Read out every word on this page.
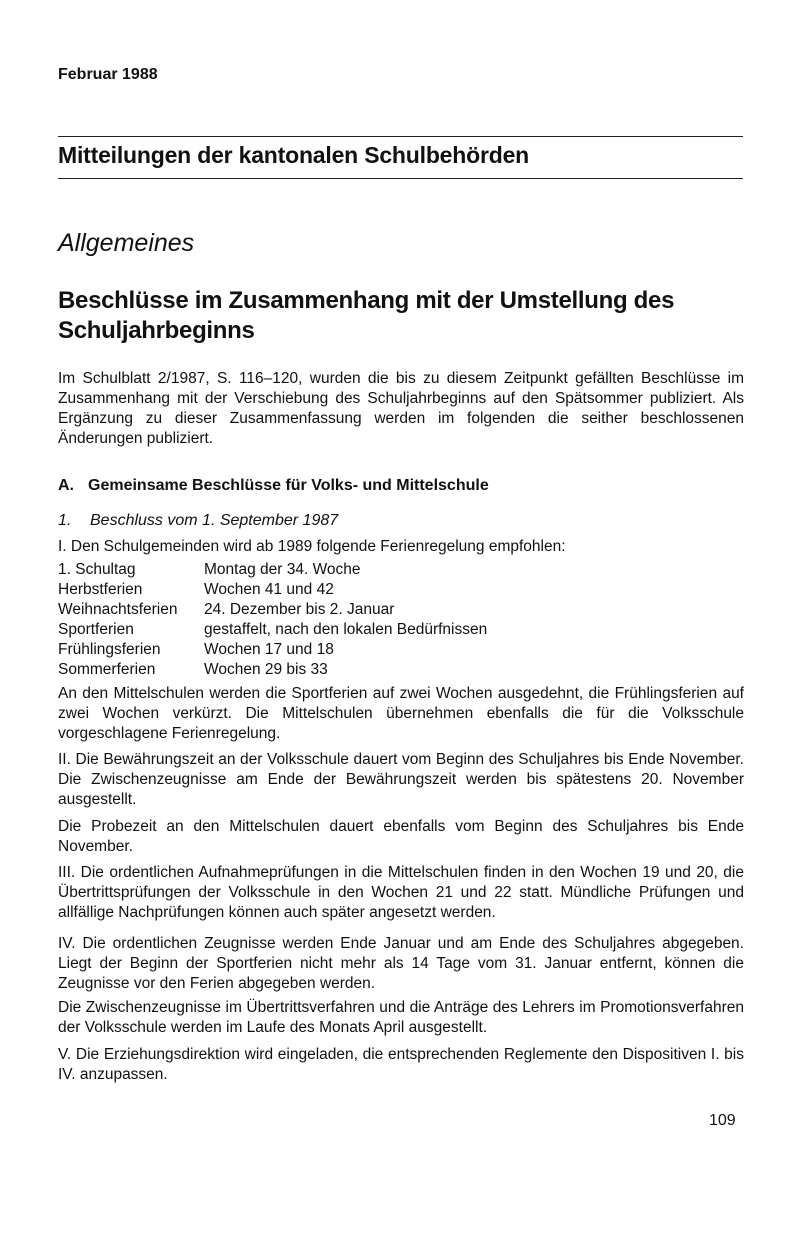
Februar 1988
Mitteilungen der kantonalen Schulbehörden
Allgemeines
Beschlüsse im Zusammenhang mit der Umstellung des Schuljahrbeginns
Im Schulblatt 2/1987, S. 116–120, wurden die bis zu diesem Zeitpunkt gefällten Beschlüsse im Zusammenhang mit der Verschiebung des Schuljahrbeginns auf den Spätsommer publiziert. Als Ergänzung zu dieser Zusammenfassung werden im folgenden die seither beschlossenen Änderungen publiziert.
A. Gemeinsame Beschlüsse für Volks- und Mittelschule
1. Beschluss vom 1. September 1987
I. Den Schulgemeinden wird ab 1989 folgende Ferienregelung empfohlen:
1. Schultag	Montag der 34. Woche
Herbstferien	Wochen 41 und 42
Weihnachtsferien	24. Dezember bis 2. Januar
Sportferien	gestaffelt, nach den lokalen Bedürfnissen
Frühlingsferien	Wochen 17 und 18
Sommerferien	Wochen 29 bis 33
An den Mittelschulen werden die Sportferien auf zwei Wochen ausgedehnt, die Frühlingsferien auf zwei Wochen verkürzt. Die Mittelschulen übernehmen ebenfalls die für die Volksschule vorgeschlagene Ferienregelung.
II. Die Bewährungszeit an der Volksschule dauert vom Beginn des Schuljahres bis Ende November. Die Zwischenzeugnisse am Ende der Bewährungszeit werden bis spätestens 20. November ausgestellt.
Die Probezeit an den Mittelschulen dauert ebenfalls vom Beginn des Schuljahres bis Ende November.
III. Die ordentlichen Aufnahmeprüfungen in die Mittelschulen finden in den Wochen 19 und 20, die Übertrittsprüfungen der Volksschule in den Wochen 21 und 22 statt. Mündliche Prüfungen und allfällige Nachprüfungen können auch später angesetzt werden.
IV. Die ordentlichen Zeugnisse werden Ende Januar und am Ende des Schuljahres abgegeben. Liegt der Beginn der Sportferien nicht mehr als 14 Tage vom 31. Januar entfernt, können die Zeugnisse vor den Ferien abgegeben werden.
Die Zwischenzeugnisse im Übertrittsverfahren und die Anträge des Lehrers im Promotionsverfahren der Volksschule werden im Laufe des Monats April ausgestellt.
V. Die Erziehungsdirektion wird eingeladen, die entsprechenden Reglemente den Dispositiven I. bis IV. anzupassen.
109
